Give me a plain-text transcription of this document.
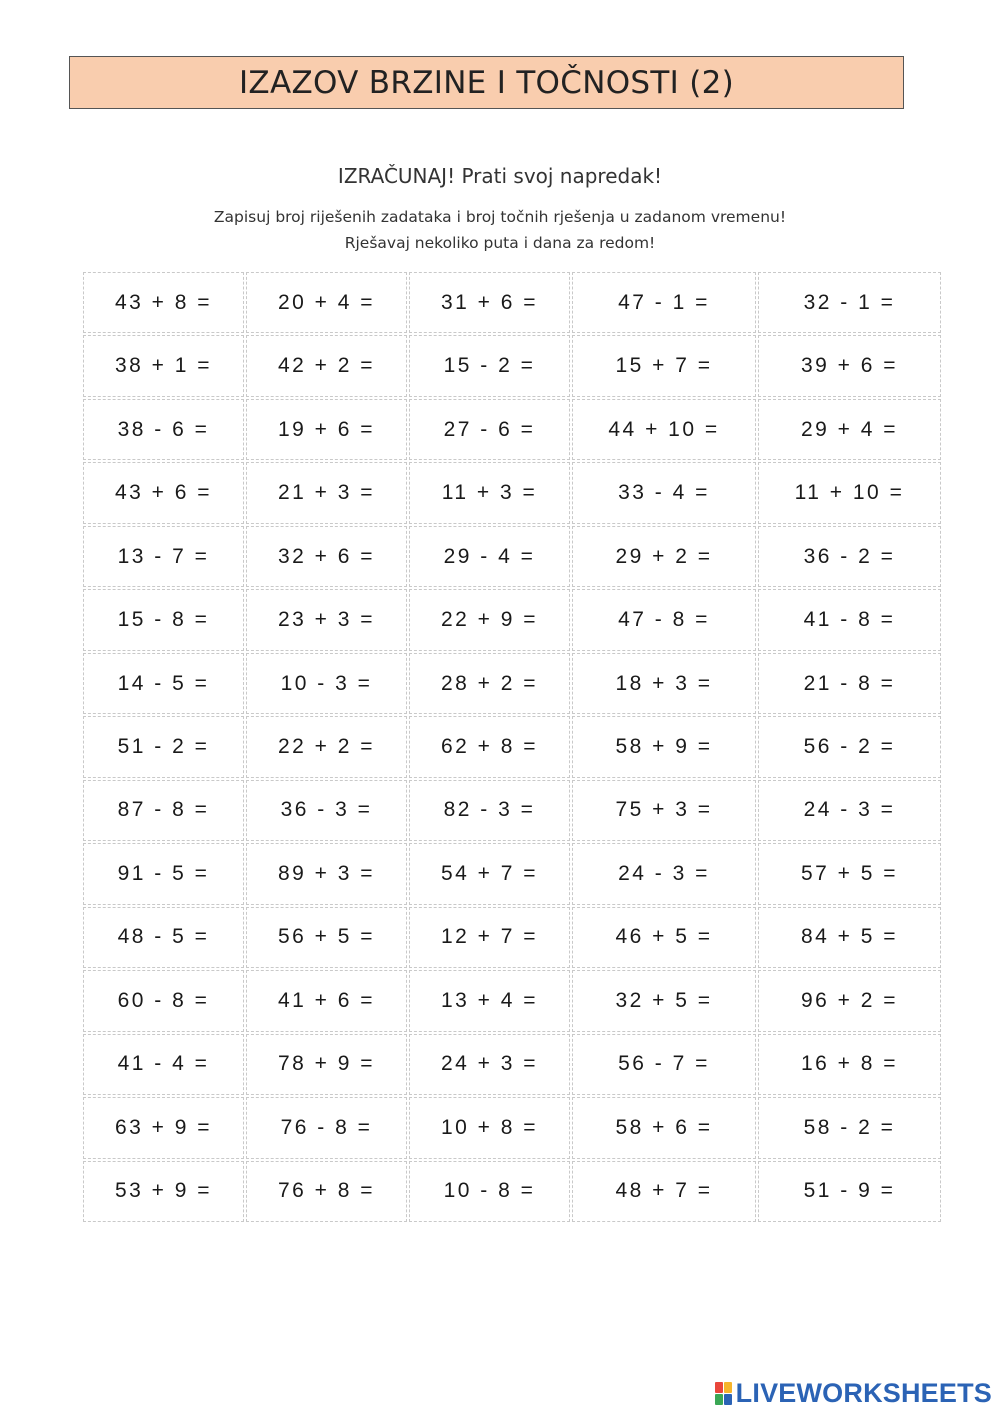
IZAZOV BRZINE I TOČNOSTI (2)
IZRAČUNAJ! Prati svoj napredak!
Zapisuj broj riješenih zadataka i broj točnih rješenja u zadanom vremenu!
Rješavaj nekoliko puta i dana za redom!
43 + 8 =	20 + 4 =	31 + 6 =	47 - 1 =	32 - 1 =
38 + 1 =	42 + 2 =	15 - 2 =	15 + 7 =	39 + 6 =
38 - 6 =	19 + 6 =	27 - 6 =	44 + 10 =	29 + 4 =
43 + 6 =	21 + 3 =	11 + 3 =	33 - 4 =	11 + 10 =
13 - 7 =	32 + 6 =	29 - 4 =	29 + 2 =	36 - 2 =
15 - 8 =	23 + 3 =	22 + 9 =	47 - 8 =	41 - 8 =
14 - 5 =	10 - 3 =	28 + 2 =	18 + 3 =	21 - 8 =
51 - 2 =	22 + 2 =	62 + 8 =	58 + 9 =	56 - 2 =
87 - 8 =	36 - 3 =	82 - 3 =	75 + 3 =	24 - 3 =
91 - 5 =	89 + 3 =	54 + 7 =	24 - 3 =	57 + 5 =
48 - 5 =	56 + 5 =	12 + 7 =	46 + 5 =	84 + 5 =
60 - 8 =	41 + 6 =	13 + 4 =	32 + 5 =	96 + 2 =
41 - 4 =	78 + 9 =	24 + 3 =	56 - 7 =	16 + 8 =
63 + 9 =	76 - 8 =	10 + 8 =	58 + 6 =	58 - 2 =
53 + 9 =	76 + 8 =	10 - 8 =	48 + 7 =	51 - 9 =
LIVEWORKSHEETS
